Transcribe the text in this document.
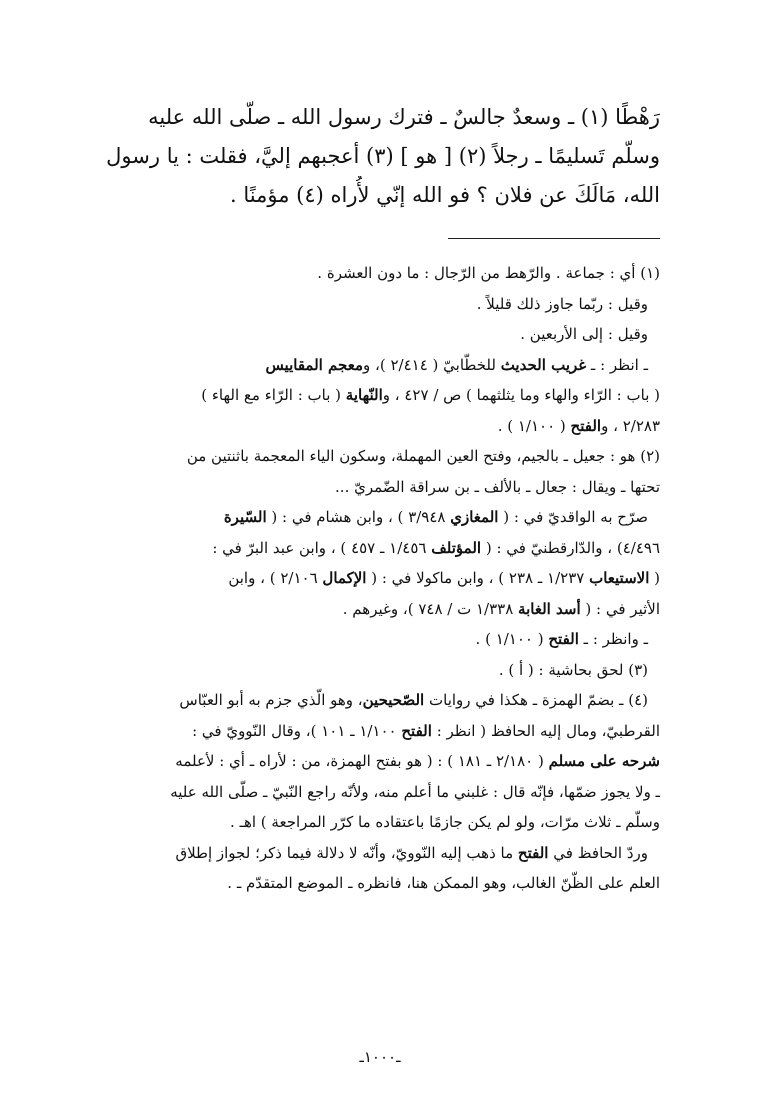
رَهْطًا (١) ـ وسعدٌ جالسٌ ـ فترك رسول الله ـ صلّى الله عليه

وسلّم تَسليمًا ـ رجلاً (٢) [ هو ] (٣) أعجبهم إليَّ، فقلت : يا رسول

الله، مَالَكَ عن فلان ؟ فو الله إنّي لأُراه (٤) مؤمنًا .

(١) أي : جماعة . والرّهط من الرّجال : ما دون العشرة .

وقيل : ربّما جاوز ذلك قليلاً .

وقيل : إلى الأربعين .

ـ انظر : ـ غريب الحديث للخطّابيّ ( ٢/٤١٤ )، ومعجم المقاييس

( باب : الرّاء والهاء وما يثلثهما ) ص / ٤٢٧ ، والنّهاية ( باب : الرّاء مع الهاء )

٢/٢٨٣ ، والفتح ( ١/١٠٠ ) .

(٢) هو : جعيل ـ بالجيم، وفتح العين المهملة، وسكون الياء المعجمة باثنتين من

تحتها ـ ويقال : جعال ـ بالألف ـ بن سراقة الضّمريّ ...

صرّح به الواقديّ في : ( المغازي ٣/٩٤٨ ) ، وابن هشام في : ( السّيرة

٤/٤٩٦) ، والدّارقطنيّ في : ( المؤتلف ١/٤٥٦ ـ ٤٥٧ ) ، وابن عبد البرّ في :

( الاستيعاب ١/٢٣٧ ـ ٢٣٨ ) ، وابن ماكولا في : ( الإكمال ٢/١٠٦ ) ، وابن

الأثير في : ( أسد الغابة ١/٣٣٨ ت / ٧٤٨ )، وغيرهم .

ـ وانظر : ـ الفتح ( ١/١٠٠ ) .

(٣) لحق بحاشية : ( أ ) .

(٤) ـ بضمّ الهمزة ـ هكذا في روايات الصّحيحين، وهو الّذي جزم به أبو العبّاس

القرطبيّ، ومال إليه الحافظ ( انظر : الفتح ١/١٠٠ ـ ١٠١ )، وقال النّوويّ في :

شرحه على مسلم ( ٢/١٨٠ ـ ١٨١ ) : ( هو بفتح الهمزة، من : لأراه ـ أي : لأعلمه

ـ ولا يجوز ضمّها، فإنّه قال : غلبني ما أعلم منه، ولأنّه راجع النّبيّ ـ صلّى الله عليه

وسلّم ـ ثلاث مرّات، ولو لم يكن جازمًا باعتقاده ما كرّر المراجعة ) اهـ .

وردّ الحافظ في الفتح ما ذهب إليه النّوويّ، وأنّه لا دلالة فيما ذكر؛ لجواز إطلاق

العلم على الظّنّ الغالب، وهو الممكن هنا، فانظره ـ الموضع المتقدّم ـ .

ـ١٠٠٠ـ
